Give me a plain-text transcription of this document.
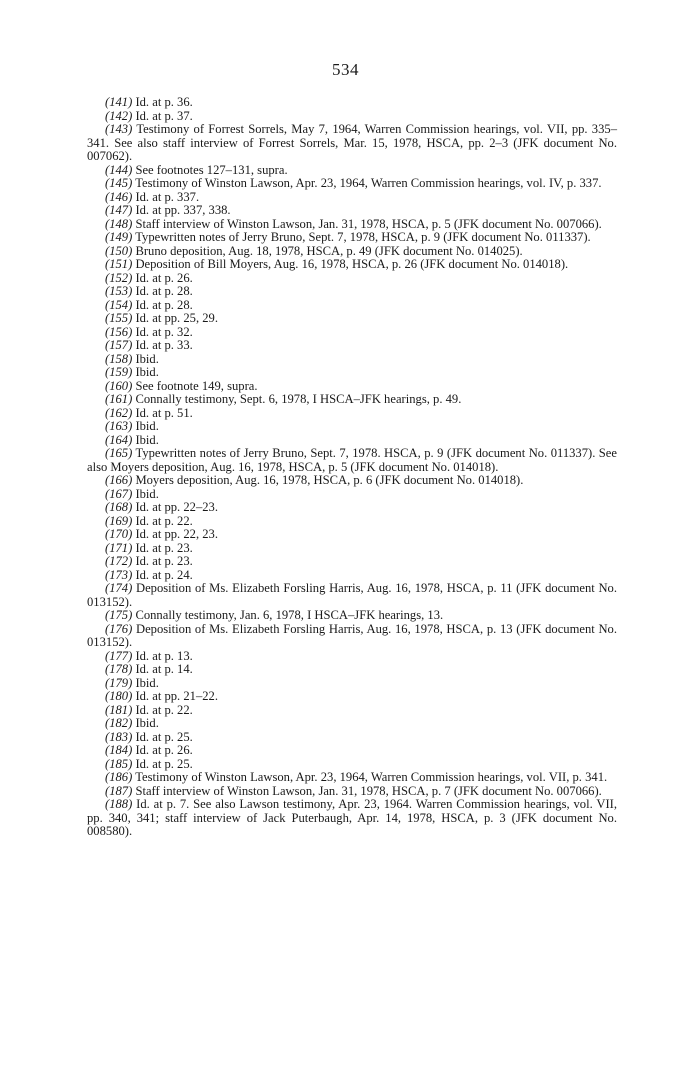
534
(141) Id. at p. 36.
(142) Id. at p. 37.
(143) Testimony of Forrest Sorrels, May 7, 1964, Warren Commission hearings, vol. VII, pp. 335–341. See also staff interview of Forrest Sorrels, Mar. 15, 1978, HSCA, pp. 2–3 (JFK document No. 007062).
(144) See footnotes 127–131, supra.
(145) Testimony of Winston Lawson, Apr. 23, 1964, Warren Commission hearings, vol. IV, p. 337.
(146) Id. at p. 337.
(147) Id. at pp. 337, 338.
(148) Staff interview of Winston Lawson, Jan. 31, 1978, HSCA, p. 5 (JFK document No. 007066).
(149) Typewritten notes of Jerry Bruno, Sept. 7, 1978, HSCA, p. 9 (JFK document No. 011337).
(150) Bruno deposition, Aug. 18, 1978, HSCA, p. 49 (JFK document No. 014025).
(151) Deposition of Bill Moyers, Aug. 16, 1978, HSCA, p. 26 (JFK document No. 014018).
(152) Id. at p. 26.
(153) Id. at p. 28.
(154) Id. at p. 28.
(155) Id. at pp. 25, 29.
(156) Id. at p. 32.
(157) Id. at p. 33.
(158) Ibid.
(159) Ibid.
(160) See footnote 149, supra.
(161) Connally testimony, Sept. 6, 1978, I HSCA–JFK hearings, p. 49.
(162) Id. at p. 51.
(163) Ibid.
(164) Ibid.
(165) Typewritten notes of Jerry Bruno, Sept. 7, 1978. HSCA, p. 9 (JFK document No. 011337). See also Moyers deposition, Aug. 16, 1978, HSCA, p. 5 (JFK document No. 014018).
(166) Moyers deposition, Aug. 16, 1978, HSCA, p. 6 (JFK document No. 014018).
(167) Ibid.
(168) Id. at pp. 22–23.
(169) Id. at p. 22.
(170) Id. at pp. 22, 23.
(171) Id. at p. 23.
(172) Id. at p. 23.
(173) Id. at p. 24.
(174) Deposition of Ms. Elizabeth Forsling Harris, Aug. 16, 1978, HSCA, p. 11 (JFK document No. 013152).
(175) Connally testimony, Jan. 6, 1978, I HSCA–JFK hearings, 13.
(176) Deposition of Ms. Elizabeth Forsling Harris, Aug. 16, 1978, HSCA, p. 13 (JFK document No. 013152).
(177) Id. at p. 13.
(178) Id. at p. 14.
(179) Ibid.
(180) Id. at pp. 21–22.
(181) Id. at p. 22.
(182) Ibid.
(183) Id. at p. 25.
(184) Id. at p. 26.
(185) Id. at p. 25.
(186) Testimony of Winston Lawson, Apr. 23, 1964, Warren Commission hearings, vol. VII, p. 341.
(187) Staff interview of Winston Lawson, Jan. 31, 1978, HSCA, p. 7 (JFK document No. 007066).
(188) Id. at p. 7. See also Lawson testimony, Apr. 23, 1964. Warren Commission hearings, vol. VII, pp. 340, 341; staff interview of Jack Puterbaugh, Apr. 14, 1978, HSCA, p. 3 (JFK document No. 008580).
